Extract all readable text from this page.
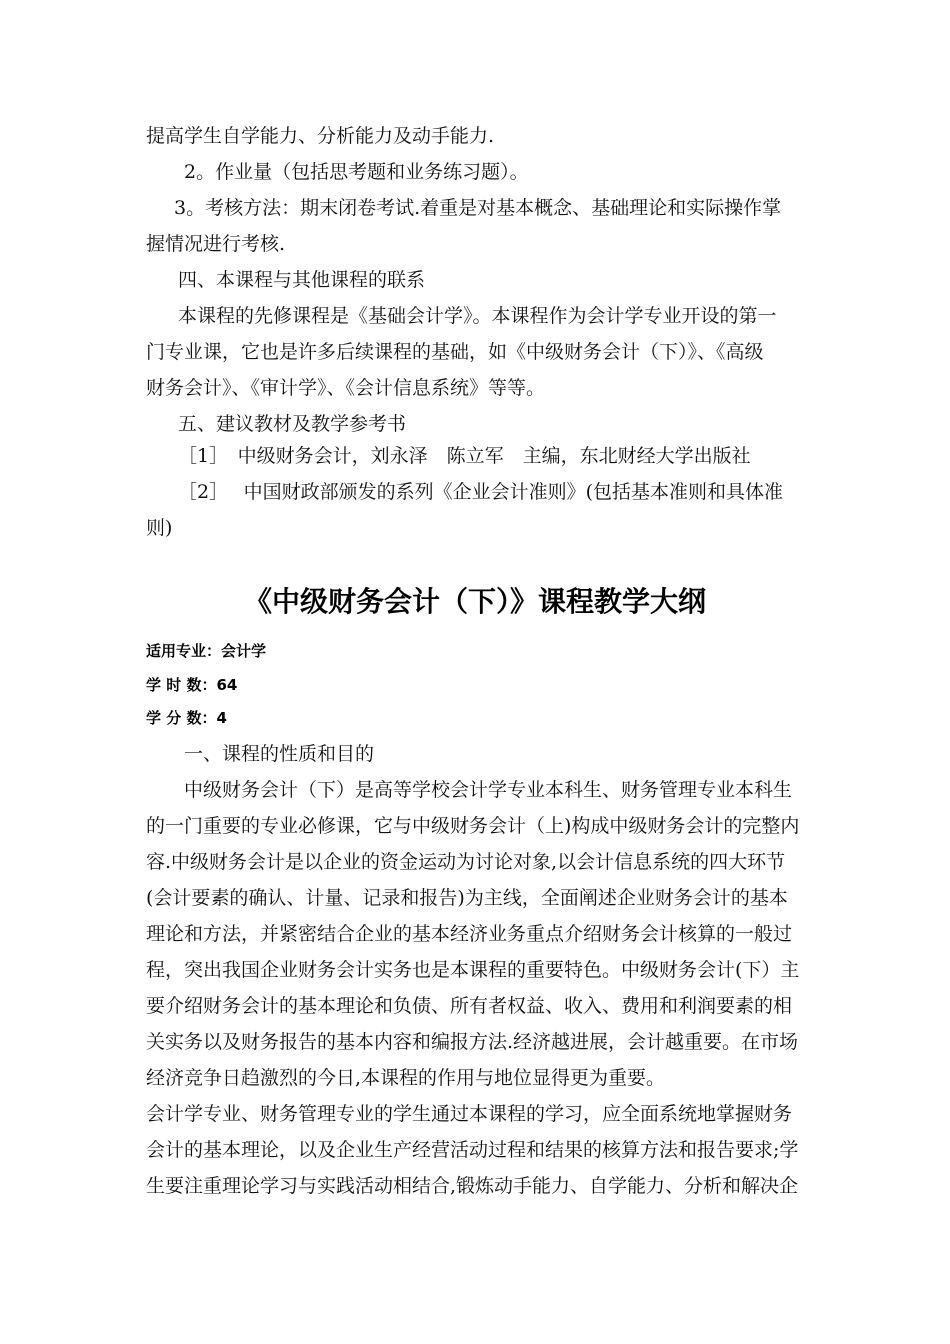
提高学生自学能力、分析能力及动手能力.
2。作业量（包括思考题和业务练习题）。
3。考核方法：期末闭卷考试.着重是对基本概念、基础理论和实际操作掌
握情况进行考核.
四、本课程与其他课程的联系
本课程的先修课程是《基础会计学》。本课程作为会计学专业开设的第一
门专业课，它也是许多后续课程的基础，如《中级财务会计（下）》、《高级
财务会计》、《审计学》、《会计信息系统》等等。
五、建议教材及教学参考书
［1］　中级财务会计，刘永泽　陈立军　主编，东北财经大学出版社
［2］　 中国财政部颁发的系列《企业会计准则》(包括基本准则和具体准
则)
《中级财务会计（下）》课程教学大纲
适用专业：会计学
学 时 数：64
学 分 数：4
一、课程的性质和目的
中级财务会计（下）是高等学校会计学专业本科生、财务管理专业本科生
的一门重要的专业必修课，它与中级财务会计（上)构成中级财务会计的完整内
容.中级财务会计是以企业的资金运动为讨论对象,以会计信息系统的四大环节
(会计要素的确认、计量、记录和报告)为主线，全面阐述企业财务会计的基本
理论和方法，并紧密结合企业的基本经济业务重点介绍财务会计核算的一般过
程，突出我国企业财务会计实务也是本课程的重要特色。中级财务会计(下）主
要介绍财务会计的基本理论和负债、所有者权益、收入、费用和利润要素的相
关实务以及财务报告的基本内容和编报方法.经济越进展，会计越重要。在市场
经济竞争日趋激烈的今日,本课程的作用与地位显得更为重要。
会计学专业、财务管理专业的学生通过本课程的学习，应全面系统地掌握财务
会计的基本理论，以及企业生产经营活动过程和结果的核算方法和报告要求;学
生要注重理论学习与实践活动相结合,锻炼动手能力、自学能力、分析和解决企
